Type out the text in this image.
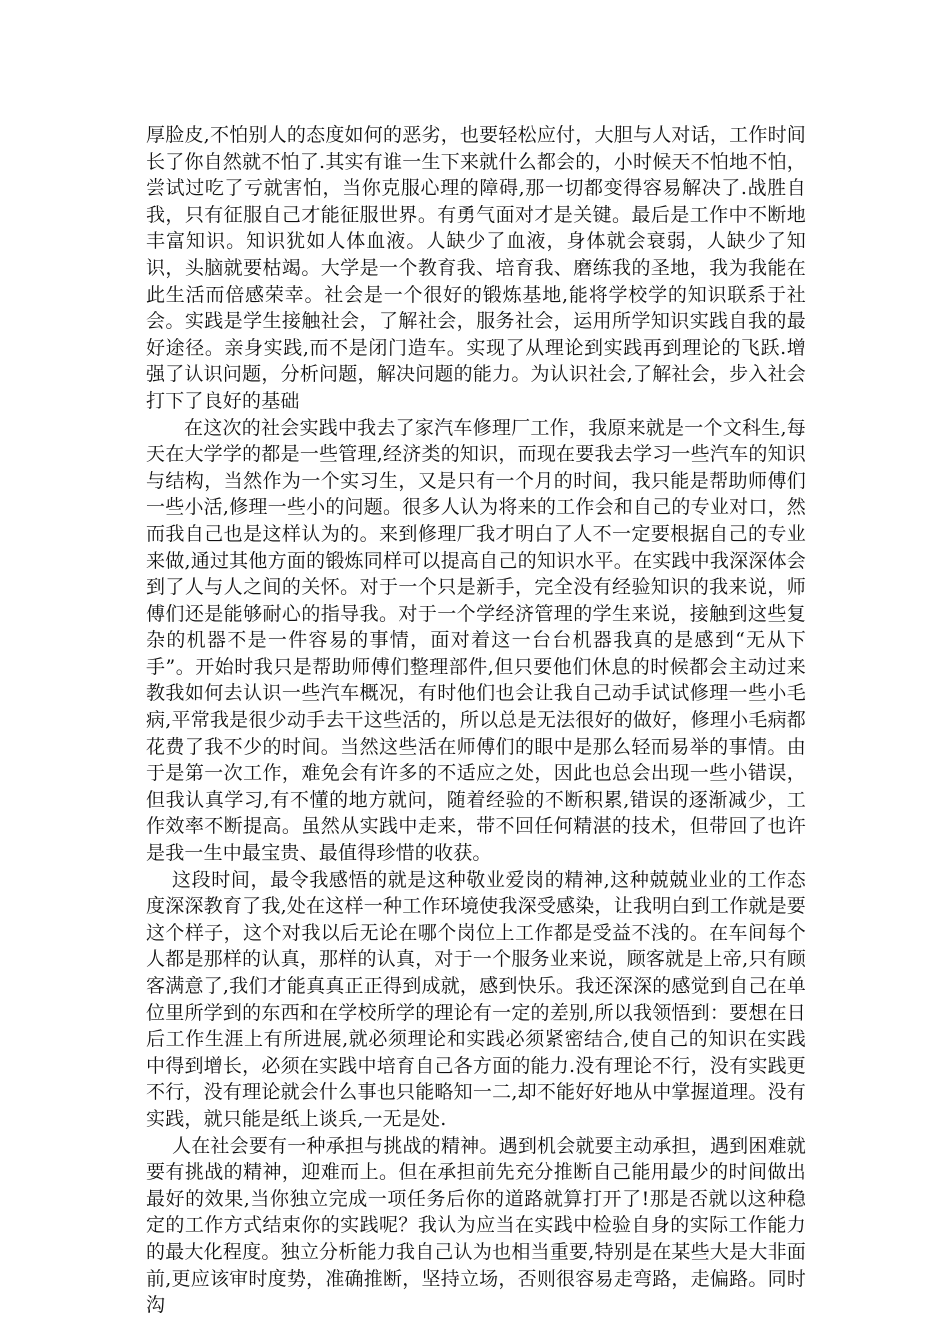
厚脸皮,不怕别人的态度如何的恶劣，也要轻松应付，大胆与人对话，工作时间长了你自然就不怕了.其实有谁一生下来就什么都会的，小时候天不怕地不怕，尝试过吃了亏就害怕，当你克服心理的障碍,那一切都变得容易解决了.战胜自我，只有征服自己才能征服世界。有勇气面对才是关键。最后是工作中不断地丰富知识。知识犹如人体血液。人缺少了血液，身体就会衰弱，人缺少了知识，头脑就要枯竭。大学是一个教育我、培育我、磨练我的圣地，我为我能在此生活而倍感荣幸。社会是一个很好的锻炼基地,能将学校学的知识联系于社会。实践是学生接触社会，了解社会，服务社会，运用所学知识实践自我的最好途径。亲身实践,而不是闭门造车。实现了从理论到实践再到理论的飞跃.增强了认识问题，分析问题，解决问题的能力。为认识社会,了解社会，步入社会打下了良好的基础

在这次的社会实践中我去了家汽车修理厂工作，我原来就是一个文科生,每天在大学学的都是一些管理,经济类的知识，而现在要我去学习一些汽车的知识与结构，当然作为一个实习生，又是只有一个月的时间，我只能是帮助师傅们一些小活,修理一些小的问题。很多人认为将来的工作会和自己的专业对口，然而我自己也是这样认为的。来到修理厂我才明白了人不一定要根据自己的专业来做,通过其他方面的锻炼同样可以提高自己的知识水平。在实践中我深深体会到了人与人之间的关怀。对于一个只是新手，完全没有经验知识的我来说，师傅们还是能够耐心的指导我。对于一个学经济管理的学生来说，接触到这些复杂的机器不是一件容易的事情，面对着这一台台机器我真的是感到“无从下手”。开始时我只是帮助师傅们整理部件,但只要他们休息的时候都会主动过来教我如何去认识一些汽车概况，有时他们也会让我自己动手试试修理一些小毛病,平常我是很少动手去干这些活的，所以总是无法很好的做好，修理小毛病都花费了我不少的时间。当然这些活在师傅们的眼中是那么轻而易举的事情。由于是第一次工作，难免会有许多的不适应之处，因此也总会出现一些小错误，但我认真学习,有不懂的地方就问，随着经验的不断积累,错误的逐渐减少，工作效率不断提高。虽然从实践中走来，带不回任何精湛的技术，但带回了也许是我一生中最宝贵、最值得珍惜的收获。

这段时间，最令我感悟的就是这种敬业爱岗的精神,这种兢兢业业的工作态度深深教育了我,处在这样一种工作环境使我深受感染，让我明白到工作就是要这个样子，这个对我以后无论在哪个岗位上工作都是受益不浅的。在车间每个人都是那样的认真，那样的认真，对于一个服务业来说，顾客就是上帝,只有顾客满意了,我们才能真真正正得到成就，感到快乐。我还深深的感觉到自己在单位里所学到的东西和在学校所学的理论有一定的差别,所以我领悟到：要想在日后工作生涯上有所进展,就必须理论和实践必须紧密结合,使自己的知识在实践中得到增长，必须在实践中培育自己各方面的能力.没有理论不行，没有实践更不行，没有理论就会什么事也只能略知一二,却不能好好地从中掌握道理。没有实践，就只能是纸上谈兵,一无是处.

人在社会要有一种承担与挑战的精神。遇到机会就要主动承担，遇到困难就要有挑战的精神，迎难而上。但在承担前先充分推断自己能用最少的时间做出最好的效果,当你独立完成一项任务后你的道路就算打开了!那是否就以这种稳定的工作方式结束你的实践呢？我认为应当在实践中检验自身的实际工作能力的最大化程度。独立分析能力我自己认为也相当重要,特别是在某些大是大非面前,更应该审时度势，准确推断，坚持立场，否则很容易走弯路，走偏路。同时沟
